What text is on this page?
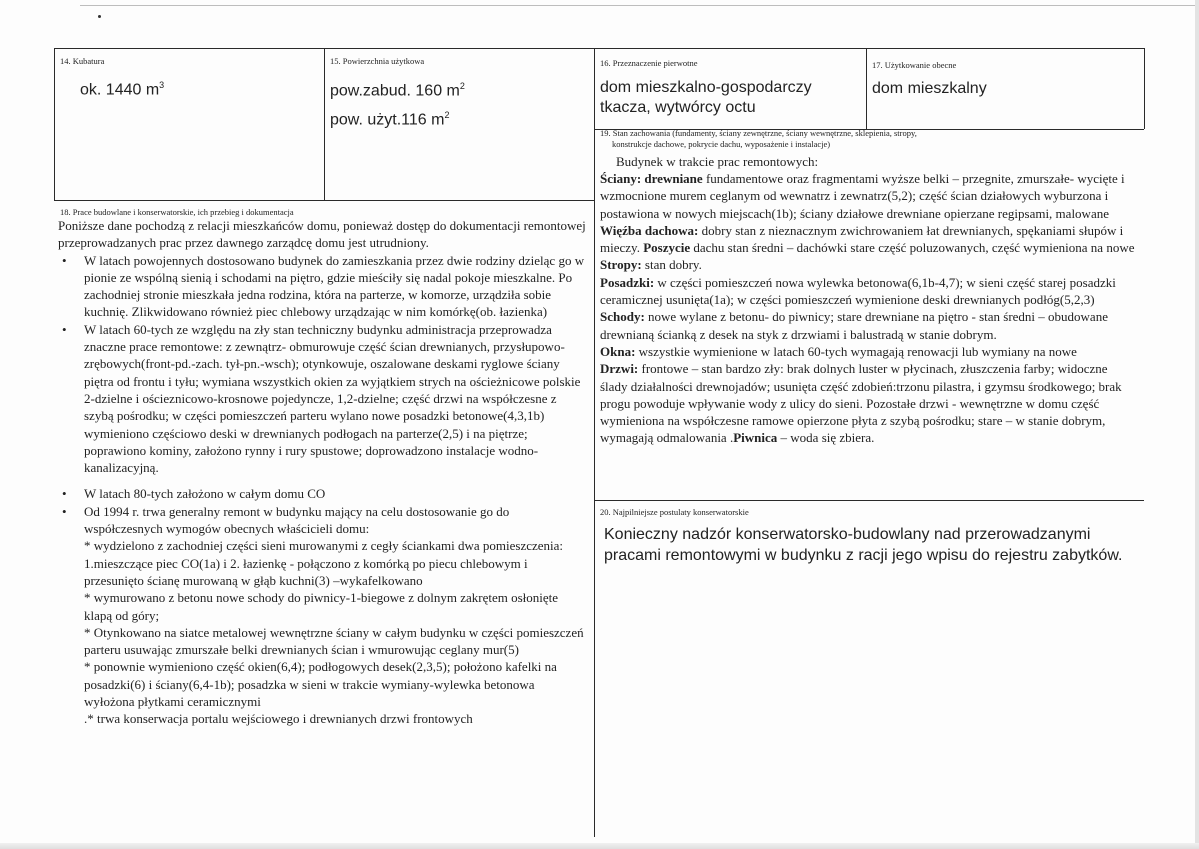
14. Kubatura
ok. 1440 $m^3$
15. Powierzchnia użytkowa
pow.zabud. 160 $m^2$
pow. użyt.116 $m^2$
16. Przeznaczenie pierwotne
dom mieszkalno-gospodarczy tkacza, wytwórcy octu
17. Użytkowanie obecne
dom mieszkalny
19. Stan zachowania (fundamenty, ściany zewnętrzne, ściany wewnętrzne, sklepienia, stropy,
konstrukcje dachowe, pokrycie dachu, wyposażenie i instalacje)
Budynek w trakcie prac remontowych:

Ściany: drewniane fundamentowe oraz fragmentami wyższe belki – przegnite, zmurszałe- wycięte i wzmocnione murem ceglanym od wewnatrz i zewnatrz(5,2); część ścian działowych wyburzona i postawiona w nowych miejscach(1b); ściany działowe drewniane opierzane regipsami, malowane

Więźba dachowa: dobry stan z nieznacznym zwichrowaniem łat drewnianych, spękaniami słupów i mieczy. Poszycie dachu stan średni – dachówki stare część poluzowanych, część wymieniona na nowe

Stropy: stan dobry.

Posadzki: w części pomieszczeń nowa wylewka betonowa(6,1b-4,7); w sieni część starej posadzki ceramicznej usunięta(1a); w części pomieszczeń wymienione deski drewnianych podłóg(5,2,3)

Schody: nowe wylane z betonu- do piwnicy; stare drewniane na piętro - stan średni – obudowane drewnianą ścianką z desek na styk z drzwiami i balustradą w stanie dobrym.

Okna: wszystkie wymienione w latach 60-tych wymagają renowacji lub wymiany na nowe

Drzwi: frontowe – stan bardzo zły: brak dolnych luster w płycinach, złuszczenia farby; widoczne ślady działalności drewnojadów; usunięta część zdobień:trzonu pilastra, i gzymsu środkowego; brak progu powoduje wpływanie wody z ulicy do sieni. Pozostałe drzwi - wewnętrzne w domu część wymieniona na współczesne ramowe opierzone płyta z szybą pośrodku; stare – w stanie dobrym, wymagają odmalowania .Piwnica – woda się zbiera.

18. Prace budowlane i konserwatorskie, ich przebieg i dokumentacja

Poniższe dane pochodzą z relacji mieszkańców domu, ponieważ dostęp do dokumentacji remontowej przeprowadzanych prac przez dawnego zarządcę domu jest utrudniony.

• W latach powojennych dostosowano budynek do zamieszkania przez dwie rodziny dzieląc go w pionie ze wspólną sienią i schodami na piętro, gdzie mieściły się nadal pokoje mieszkalne. Po zachodniej stronie mieszkała jedna rodzina, która na parterze, w komorze, urządziła sobie kuchnię. Zlikwidowano również piec chlebowy urządzając w nim komórkę(ob. łazienka)
• W latach 60-tych ze względu na zły stan techniczny budynku administracja przeprowadza znaczne prace remontowe: z zewnątrz- obmurowuje część ścian drewnianych, przysłupowo-zrębowych(front-pd.-zach. tył-pn.-wsch); otynkowuje, oszalowane deskami ryglowe ściany piętra od frontu i tyłu; wymiana wszystkich okien za wyjątkiem strych na ościeżnicowe polskie 2-dzielne i ościeznicowo-krosnowe pojedyncze, 1,2-dzielne; część drzwi na współczesne z szybą pośrodku; w części pomieszczeń parteru wylano nowe posadzki betonowe(4,3,1b) wymieniono częściowo deski w drewnianych podłogach na parterze(2,5) i na piętrze; poprawiono kominy, założono rynny i rury spustowe; doprowadzono instalacje wodno-kanalizacyjną.
• W latach 80-tych założono w całym domu CO
• Od 1994 r. trwa generalny remont w budynku mający na celu dostosowanie go do współczesnych wymogów obecnych właścicieli domu:

* wydzielono z zachodniej części sieni murowanymi z cegły ściankami dwa pomieszczenia: 1.mieszczące piec CO(1a) i 2. łazienkę - połączono z komórką po piecu chlebowym i przesunięto ścianę murowaną w głąb kuchni(3) –wykafelkowano

* wymurowano z betonu nowe schody do piwnicy-1-biegowe z dolnym zakrętem osłonięte klapą od góry;

* Otynkowano na siatce metalowej wewnętrzne ściany w całym budynku w części pomieszczeń parteru usuwając zmurszałe belki drewnianych ścian i wmurowując ceglany mur(5)

* ponownie wymieniono część okien(6,4); podłogowych desek(2,3,5); położono kafelki na posadzki(6) i ściany(6,4-1b); posadzka w sieni w trakcie wymiany-wylewka betonowa wyłożona płytkami ceramicznymi

.* trwa konserwacja portalu wejściowego i drewnianych drzwi frontowych

20. Najpilniejsze postulaty konserwatorskie
Konieczny nadzór konserwatorsko-budowlany nad przerowadzanymi pracami remontowymi w budynku z racji jego wpisu do rejestru zabytków.
